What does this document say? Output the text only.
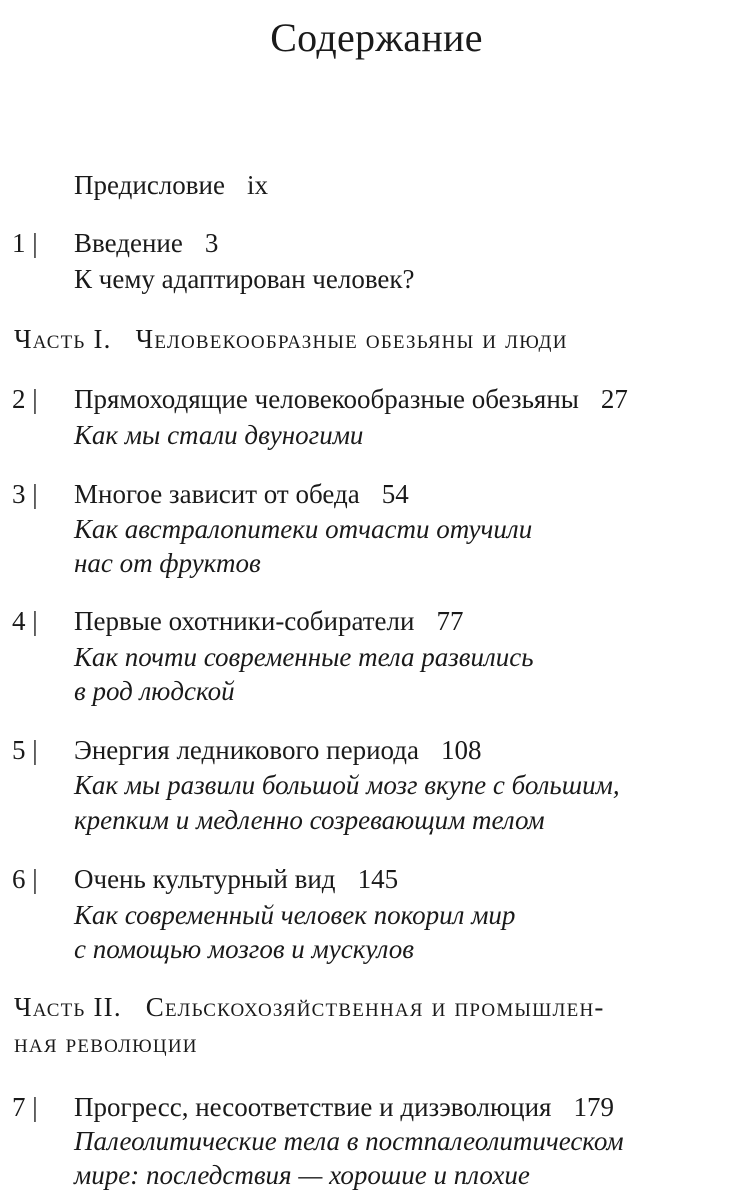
Содержание
Предисловие ix
1 | Введение 3
К чему адаптирован человек?
Часть I. Человекообразные обезьяны и люди
2 | Прямоходящие человекообразные обезьяны 27
Как мы стали двуногими
3 | Многое зависит от обеда 54
Как австралопитеки отчасти отучили
нас от фруктов
4 | Первые охотники-собиратели 77
Как почти современные тела развились
в род людской
5 | Энергия ледникового периода 108
Как мы развили большой мозг вкупе с большим,
крепким и медленно созревающим телом
6 | Очень культурный вид 145
Как современный человек покорил мир
с помощью мозгов и мускулов
Часть II. Сельскохозяйственная и промышлен-
ная революции
7 | Прогресс, несоответствие и дизэволюция 179
Палеолитические тела в постпалеолитическом
мире: последствия — хорошие и плохие
